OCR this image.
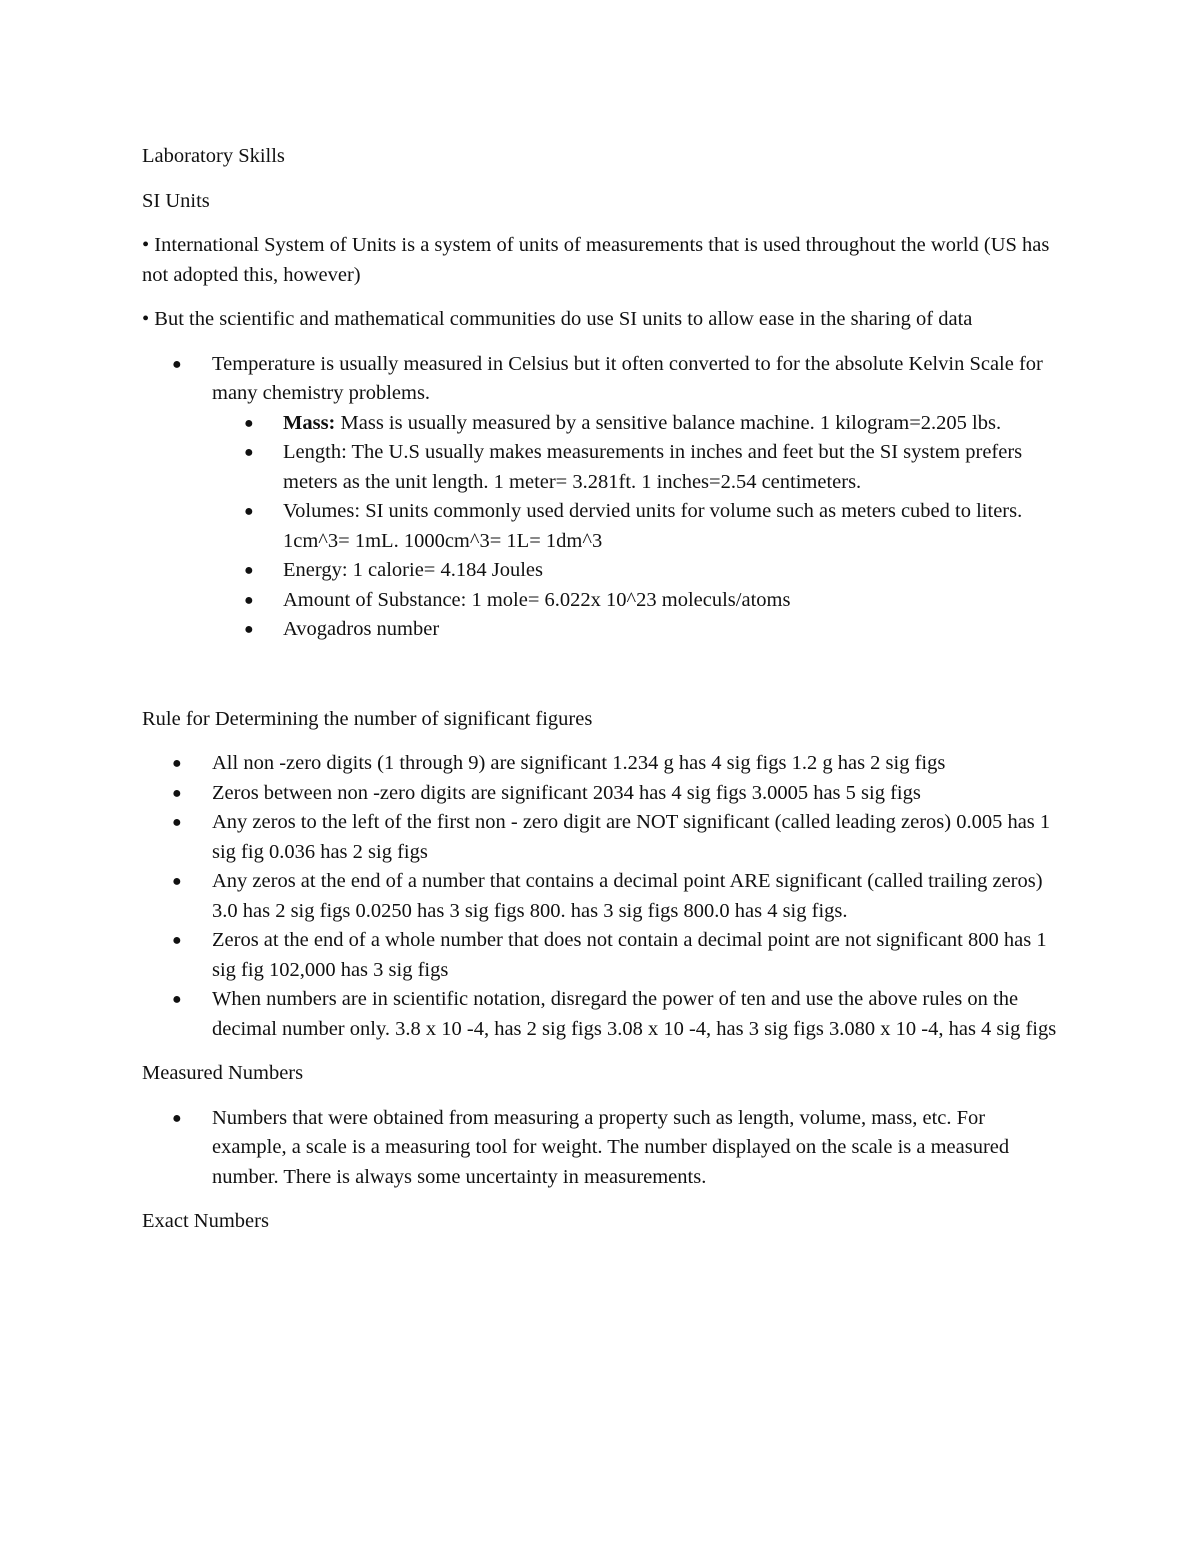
Laboratory Skills
SI Units
• International System of Units is a system of units of measurements that is used throughout the world (US has not adopted this, however)
• But the scientific and mathematical communities do use SI units to allow ease in the sharing of data
● Temperature is usually measured in Celsius but it often converted to for the absolute Kelvin Scale for many chemistry problems.
● Mass: Mass is usually measured by a sensitive balance machine. 1 kilogram=2.205 lbs.
● Length: The U.S usually makes measurements in inches and feet but the SI system prefers meters as the unit length. 1 meter= 3.281ft. 1 inches=2.54 centimeters.
● Volumes: SI units commonly used dervied units for volume such as meters cubed to liters. 1cm^3= 1mL. 1000cm^3= 1L= 1dm^3
● Energy: 1 calorie= 4.184 Joules
● Amount of Substance: 1 mole= 6.022x 10^23 moleculs/atoms
● Avogadros number
Rule for Determining the number of significant figures
● All non -zero digits (1 through 9) are significant 1.234 g has 4 sig figs 1.2 g has 2 sig figs
● Zeros between non -zero digits are significant 2034 has 4 sig figs 3.0005 has 5 sig figs
● Any zeros to the left of the first non - zero digit are NOT significant (called leading zeros) 0.005 has 1 sig fig 0.036 has 2 sig figs
● Any zeros at the end of a number that contains a decimal point ARE significant (called trailing zeros) 3.0 has 2 sig figs 0.0250 has 3 sig figs 800. has 3 sig figs 800.0 has 4 sig figs.
● Zeros at the end of a whole number that does not contain a decimal point are not significant 800 has 1 sig fig 102,000 has 3 sig figs
● When numbers are in scientific notation, disregard the power of ten and use the above rules on the decimal number only. 3.8 x 10 -4, has 2 sig figs 3.08 x 10 -4, has 3 sig figs 3.080 x 10 -4, has 4 sig figs
Measured Numbers
● Numbers that were obtained from measuring a property such as length, volume, mass, etc. For example, a scale is a measuring tool for weight. The number displayed on the scale is a measured number. There is always some uncertainty in measurements.
Exact Numbers
